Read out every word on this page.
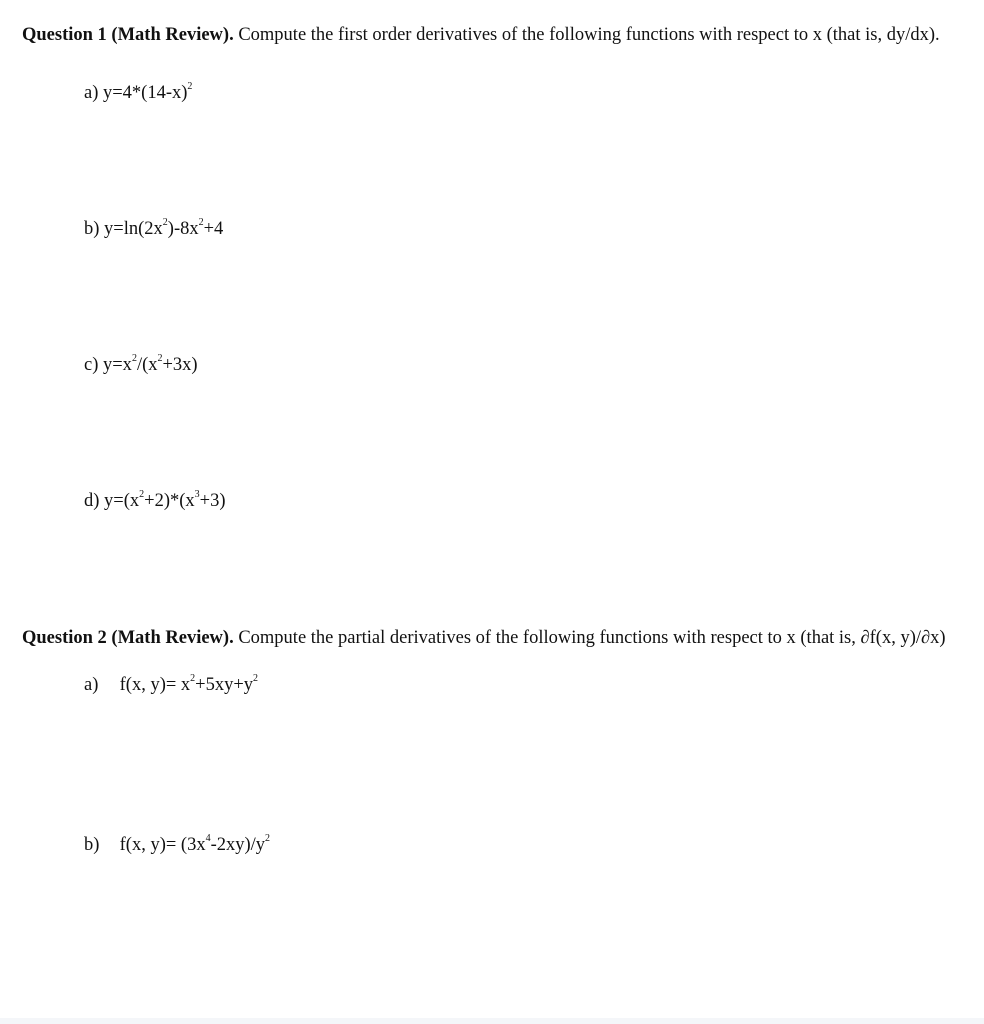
Question 1 (Math Review). Compute the first order derivatives of the following functions with respect to x (that is, dy/dx).
a) $y=4*(14-x)^2$
b) $y=\ln(2x^2)-8x^2+4$
c) $y=x^2/(x^2+3x)$
d) $y=(x^2+2)*(x^3+3)$
Question 2 (Math Review). Compute the partial derivatives of the following functions with respect to x (that is, ∂f(x, y)/∂x)
a) f(x, $y)= x^2+5xy+y^2$
b) f(x, $y)= (3x^4-2xy)/y^2$
